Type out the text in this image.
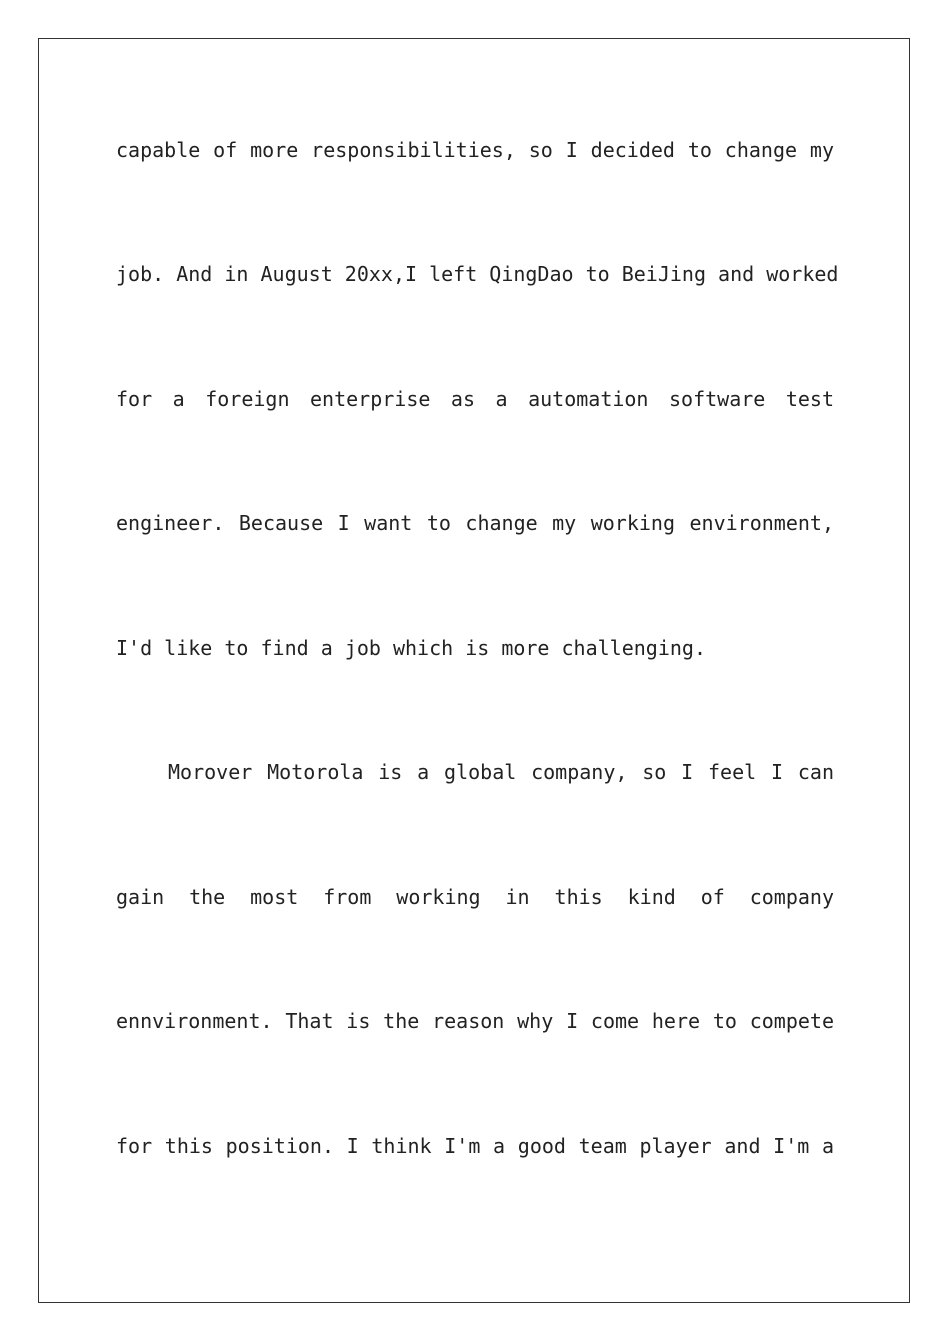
capable of more responsibilities, so I decided to change my
job. And in August 20xx,I left QingDao to BeiJing and worked
for a foreign enterprise as a automation software test
engineer. Because I want to change my working environment,
I'd like to find a job which is more challenging.
Morover Motorola is a global company, so I feel I can
gain the most from working in this kind of company
ennvironment. That is the reason why I come here to compete
for this position. I think I'm a good team player and I'm a
